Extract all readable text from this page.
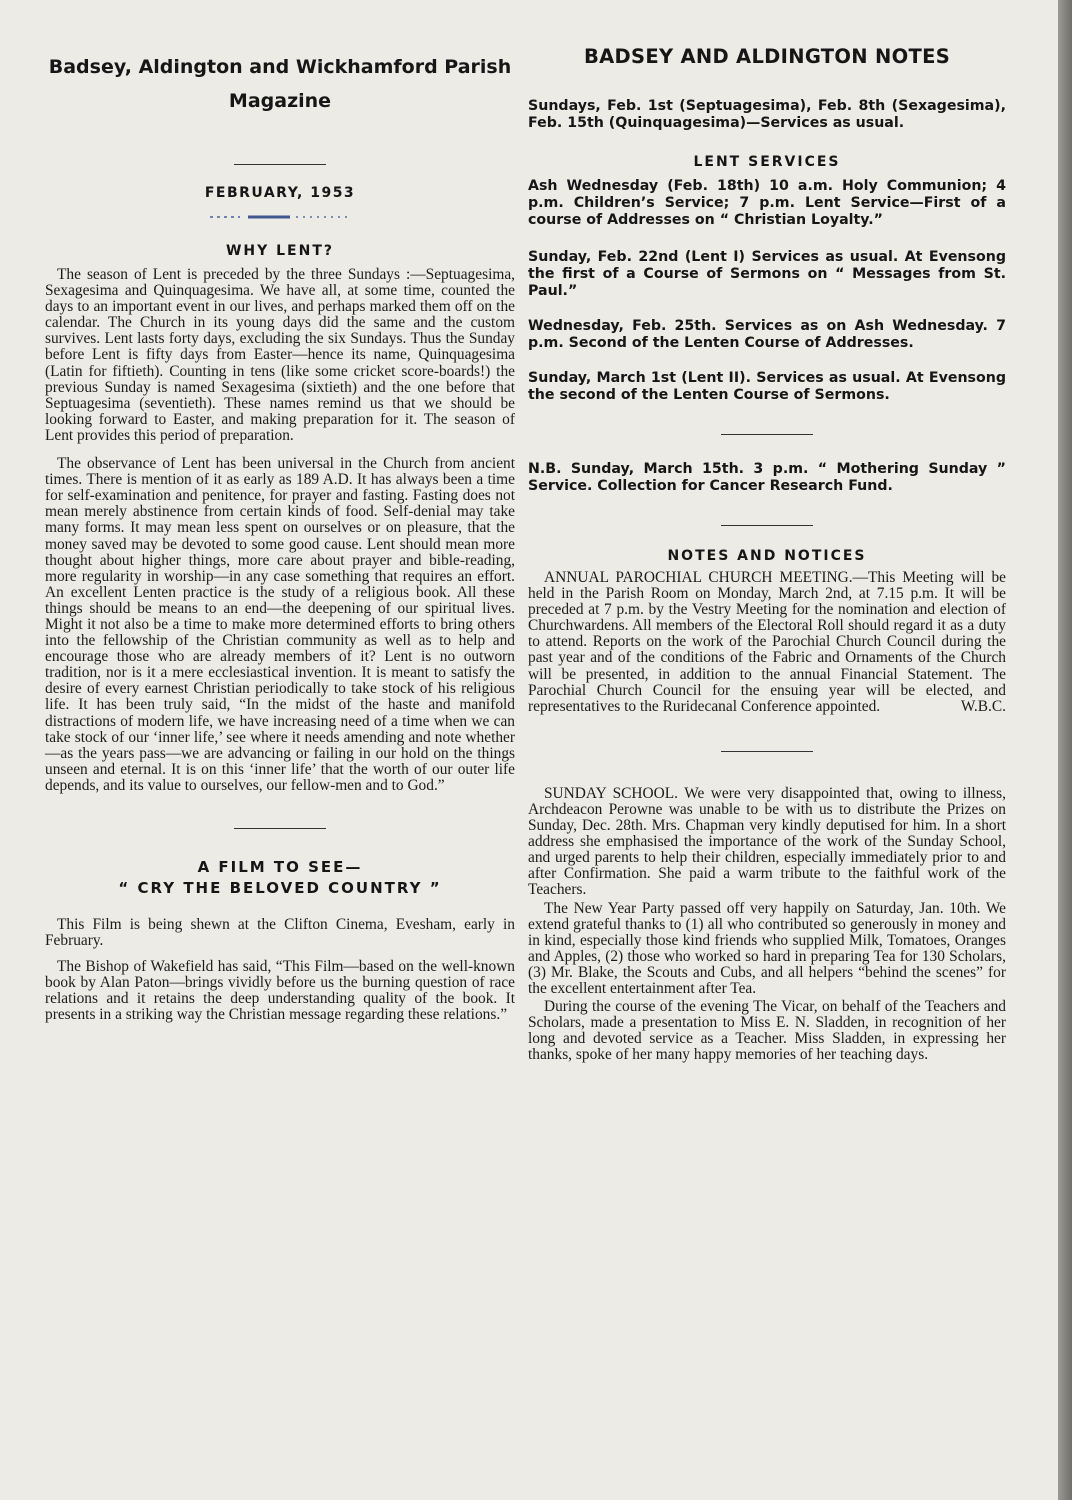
Badsey, Aldington and Wickhamford Parish

Magazine

FEBRUARY, 1953
WHY LENT?

The season of Lent is preceded by the three Sundays :—Septuagesima, Sexagesima and Quinquagesima. We have all, at some time, counted the days to an important event in our lives, and perhaps marked them off on the calendar. The Church in its young days did the same and the custom survives. Lent lasts forty days, excluding the six Sundays. Thus the Sunday before Lent is fifty days from Easter—hence its name, Quinquagesima (Latin for fiftieth). Counting in tens (like some cricket score-boards!) the previous Sunday is named Sexagesima (sixtieth) and the one before that Septuagesima (seventieth). These names remind us that we should be looking forward to Easter, and making preparation for it. The season of Lent provides this period of preparation.

The observance of Lent has been universal in the Church from ancient times. There is mention of it as early as 189 A.D. It has always been a time for self-examination and penitence, for prayer and fasting. Fasting does not mean merely abstinence from certain kinds of food. Self-denial may take many forms. It may mean less spent on ourselves or on pleasure, that the money saved may be devoted to some good cause. Lent should mean more thought about higher things, more care about prayer and bible-reading, more regularity in worship—in any case something that requires an effort. An excellent Lenten practice is the study of a religious book. All these things should be means to an end—the deepening of our spiritual lives. Might it not also be a time to make more determined efforts to bring others into the fellowship of the Christian community as well as to help and encourage those who are already members of it? Lent is no outworn tradition, nor is it a mere ecclesiastical invention. It is meant to satisfy the desire of every earnest Christian periodically to take stock of his religious life. It has been truly said, “In the midst of the haste and manifold distractions of modern life, we have increasing need of a time when we can take stock of our ‘inner life,’ see where it needs amending and note whether—as the years pass—we are advancing or failing in our hold on the things unseen and eternal. It is on this ‘inner life’ that the worth of our outer life depends, and its value to ourselves, our fellow-men and to God.”

A FILM TO SEE—
“ CRY THE BELOVED COUNTRY ”

This Film is being shewn at the Clifton Cinema, Evesham, early in February.

The Bishop of Wakefield has said, “This Film—based on the well-known book by Alan Paton—brings vividly before us the burning question of race relations and it retains the deep understanding quality of the book. It presents in a striking way the Christian message regarding these relations.”

BADSEY AND ALDINGTON NOTES

Sundays, Feb. 1st (Septuagesima), Feb. 8th (Sexagesima), Feb. 15th (Quinquagesima)—Services as usual.

LENT SERVICES

Ash Wednesday (Feb. 18th) 10 a.m. Holy Communion; 4 p.m. Children’s Service; 7 p.m. Lent Service—First of a course of Addresses on “ Christian Loyalty.”

Sunday, Feb. 22nd (Lent I) Services as usual. At Evensong the first of a Course of Sermons on “ Messages from St. Paul.”

Wednesday, Feb. 25th. Services as on Ash Wednesday. 7 p.m. Second of the Lenten Course of Addresses.

Sunday, March 1st (Lent II). Services as usual. At Evensong the second of the Lenten Course of Sermons.

N.B. Sunday, March 15th. 3 p.m. “ Mothering Sunday ” Service. Collection for Cancer Research Fund.

NOTES AND NOTICES

ANNUAL PAROCHIAL CHURCH MEETING.—This Meeting will be held in the Parish Room on Monday, March 2nd, at 7.15 p.m. It will be preceded at 7 p.m. by the Vestry Meeting for the nomination and election of Churchwardens. All members of the Electoral Roll should regard it as a duty to attend. Reports on the work of the Parochial Church Council during the past year and of the conditions of the Fabric and Ornaments of the Church will be presented, in addition to the annual Financial Statement. The Parochial Church Council for the ensuing year will be elected, and representatives to the Ruridecanal Conference appointed.	W.B.C.

SUNDAY SCHOOL. We were very disappointed that, owing to illness, Archdeacon Perowne was unable to be with us to distribute the Prizes on Sunday, Dec. 28th. Mrs. Chapman very kindly deputised for him. In a short address she emphasised the importance of the work of the Sunday School, and urged parents to help their children, especially immediately prior to and after Confirmation. She paid a warm tribute to the faithful work of the Teachers.

The New Year Party passed off very happily on Saturday, Jan. 10th. We extend grateful thanks to (1) all who contributed so generously in money and in kind, especially those kind friends who supplied Milk, Tomatoes, Oranges and Apples, (2) those who worked so hard in preparing Tea for 130 Scholars, (3) Mr. Blake, the Scouts and Cubs, and all helpers “behind the scenes” for the excellent entertainment after Tea.

During the course of the evening The Vicar, on behalf of the Teachers and Scholars, made a presentation to Miss E. N. Sladden, in recognition of her long and devoted service as a Teacher. Miss Sladden, in expressing her thanks, spoke of her many happy memories of her teaching days.
